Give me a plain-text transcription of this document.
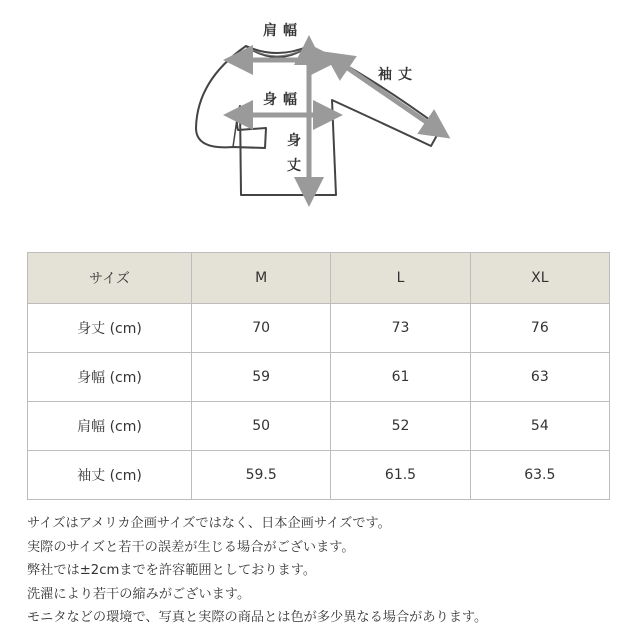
肩幅
身幅
身
丈
袖丈
サイズ	M	L	XL
身丈 (cm)	70	73	76
身幅 (cm)	59	61	63
肩幅 (cm)	50	52	54
袖丈 (cm)	59.5	61.5	63.5
サイズはアメリカ企画サイズではなく、日本企画サイズです。
実際のサイズと若干の誤差が生じる場合がございます。
弊社では±2cmまでを許容範囲としております。
洗濯により若干の縮みがございます。
モニタなどの環境で、写真と実際の商品とは色が多少異なる場合があります。
